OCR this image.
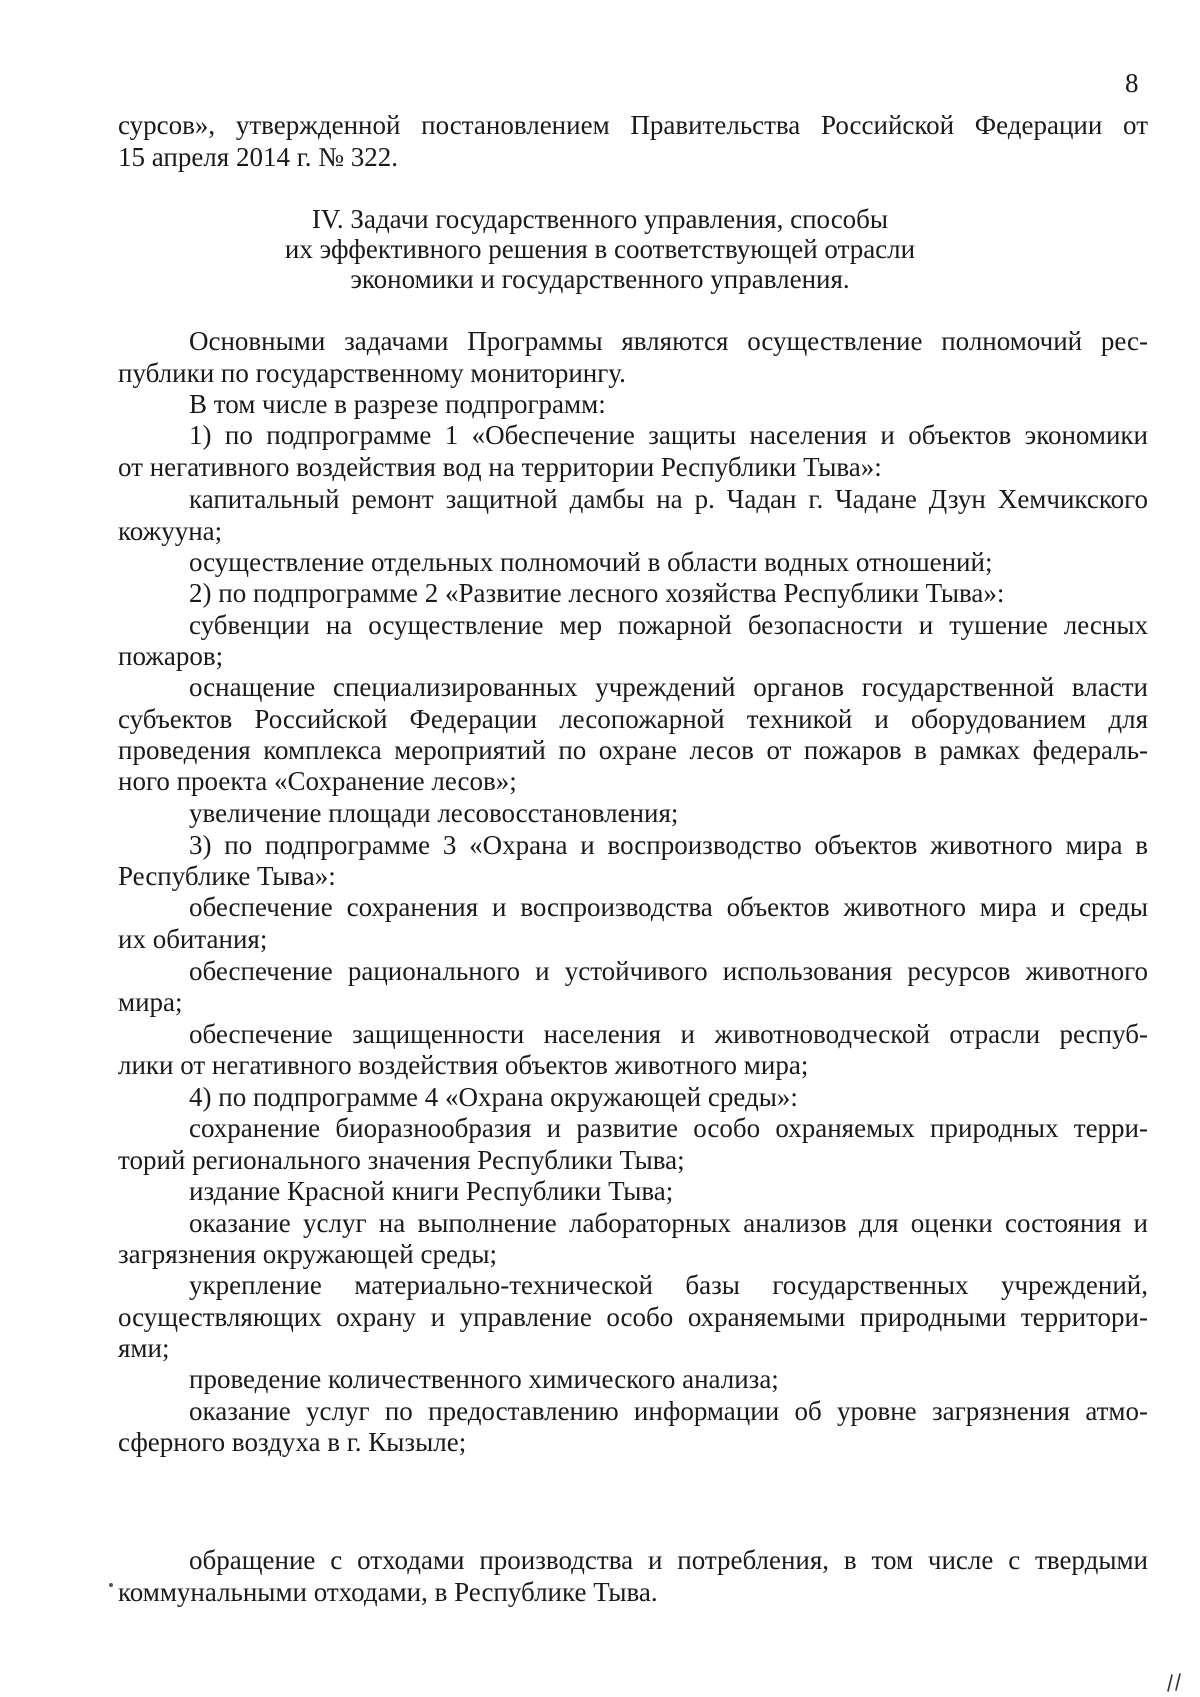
8
сурсов», утвержденной постановлением Правительства Российской Федерации от
15 апреля 2014 г. № 322.
IV. Задачи государственного управления, способы
их эффективного решения в соответствующей отрасли
экономики и государственного управления.
Основными задачами Программы являются осуществление полномочий рес-
публики по государственному мониторингу.
В том числе в разрезе подпрограмм:
1) по подпрограмме 1 «Обеспечение защиты населения и объектов экономики
от негативного воздействия вод на территории Республики Тыва»:
капитальный ремонт защитной дамбы на р. Чадан г. Чадане Дзун Хемчикского
кожууна;
осуществление отдельных полномочий в области водных отношений;
2) по подпрограмме 2 «Развитие лесного хозяйства Республики Тыва»:
субвенции на осуществление мер пожарной безопасности и тушение лесных
пожаров;
оснащение специализированных учреждений органов государственной власти
субъектов Российской Федерации лесопожарной техникой и оборудованием для
проведения комплекса мероприятий по охране лесов от пожаров в рамках федераль-
ного проекта «Сохранение лесов»;
увеличение площади лесовосстановления;
3) по подпрограмме 3 «Охрана и воспроизводство объектов животного мира в
Республике Тыва»:
обеспечение сохранения и воспроизводства объектов животного мира и среды
их обитания;
обеспечение рационального и устойчивого использования ресурсов животного
мира;
обеспечение защищенности населения и животноводческой отрасли респуб-
лики от негативного воздействия объектов животного мира;
4) по подпрограмме 4 «Охрана окружающей среды»:
сохранение биоразнообразия и развитие особо охраняемых природных терри-
торий регионального значения Республики Тыва;
издание Красной книги Республики Тыва;
оказание услуг на выполнение лабораторных анализов для оценки состояния и
загрязнения окружающей среды;
укрепление материально-технической базы государственных учреждений,
осуществляющих охрану и управление особо охраняемыми природными территори-
ями;
проведение количественного химического анализа;
оказание услуг по предоставлению информации об уровне загрязнения атмо-
сферного воздуха в г. Кызыле;
обращение с отходами производства и потребления, в том числе с твердыми
коммунальными отходами, в Республике Тыва.
